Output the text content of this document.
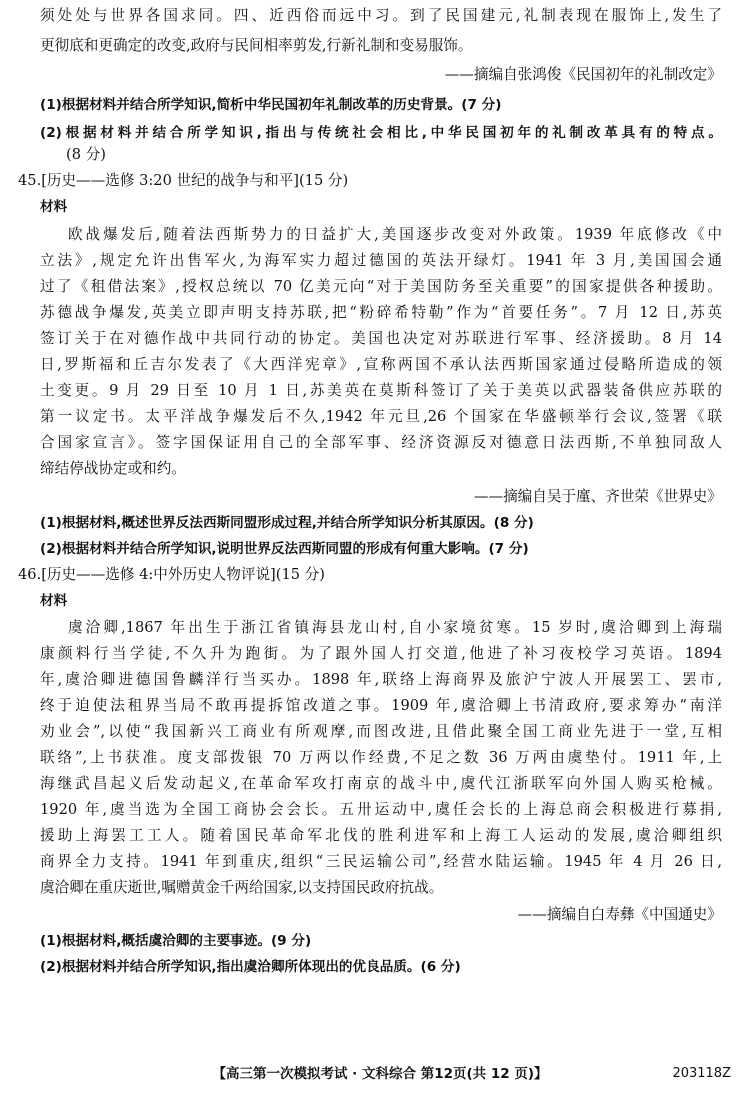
须处处与世界各国求同。四、近西俗而远中习。到了民国建元,礼制表现在服饰上,发生了
更彻底和更确定的改变,政府与民间相率剪发,行新礼制和变易服饰。
——摘编自张鸿俊《民国初年的礼制改定》
(1)根据材料并结合所学知识,简析中华民国初年礼制改革的历史背景。(7 分)
(2)根据材料并结合所学知识,指出与传统社会相比,中华民国初年的礼制改革具有的特点。
(8 分)
45.[历史——选修 3:20 世纪的战争与和平](15 分)
材料
欧战爆发后,随着法西斯势力的日益扩大,美国逐步改变对外政策。1939 年底修改《中
立法》,规定允许出售军火,为海军实力超过德国的英法开绿灯。1941 年 3 月,美国国会通
过了《租借法案》,授权总统以 70 亿美元向“对于美国防务至关重要”的国家提供各种援助。
苏德战争爆发,英美立即声明支持苏联,把“粉碎希特勒”作为“首要任务”。7 月 12 日,苏英
签订关于在对德作战中共同行动的协定。美国也决定对苏联进行军事、经济援助。8 月 14
日,罗斯福和丘吉尔发表了《大西洋宪章》,宣称两国不承认法西斯国家通过侵略所造成的领
土变更。9 月 29 日至 10 月 1 日,苏美英在莫斯科签订了关于美英以武器装备供应苏联的
第一议定书。太平洋战争爆发后不久,1942 年元旦,26 个国家在华盛顿举行会议,签署《联
合国家宣言》。签字国保证用自己的全部军事、经济资源反对德意日法西斯,不单独同敌人
缔结停战协定或和约。
——摘编自吴于廑、齐世荣《世界史》
(1)根据材料,概述世界反法西斯同盟形成过程,并结合所学知识分析其原因。(8 分)
(2)根据材料并结合所学知识,说明世界反法西斯同盟的形成有何重大影响。(7 分)
46.[历史——选修 4:中外历史人物评说](15 分)
材料
虞洽卿,1867 年出生于浙江省镇海县龙山村,自小家境贫寒。15 岁时,虞洽卿到上海瑞
康颜料行当学徒,不久升为跑街。为了跟外国人打交道,他进了补习夜校学习英语。1894
年,虞洽卿进德国鲁麟洋行当买办。1898 年,联络上海商界及旅沪宁波人开展罢工、罢市,
终于迫使法租界当局不敢再提拆馆改道之事。1909 年,虞洽卿上书清政府,要求筹办“南洋
劝业会”,以使“我国新兴工商业有所观摩,而图改进,且借此聚全国工商业先进于一堂,互相
联络”,上书获准。度支部拨银 70 万两以作经费,不足之数 36 万两由虞垫付。1911 年,上
海继武昌起义后发动起义,在革命军攻打南京的战斗中,虞代江浙联军向外国人购买枪械。
1920 年,虞当选为全国工商协会会长。五卅运动中,虞任会长的上海总商会积极进行募捐,
援助上海罢工工人。随着国民革命军北伐的胜利进军和上海工人运动的发展,虞洽卿组织
商界全力支持。1941 年到重庆,组织“三民运输公司”,经营水陆运输。1945 年 4 月 26 日,
虞洽卿在重庆逝世,嘱赠黄金千两给国家,以支持国民政府抗战。
——摘编自白寿彝《中国通史》
(1)根据材料,概括虞洽卿的主要事迹。(9 分)
(2)根据材料并结合所学知识,指出虞洽卿所体现出的优良品质。(6 分)
【高三第一次模拟考试 · 文科综合 第12页(共 12 页)】	203118Z
